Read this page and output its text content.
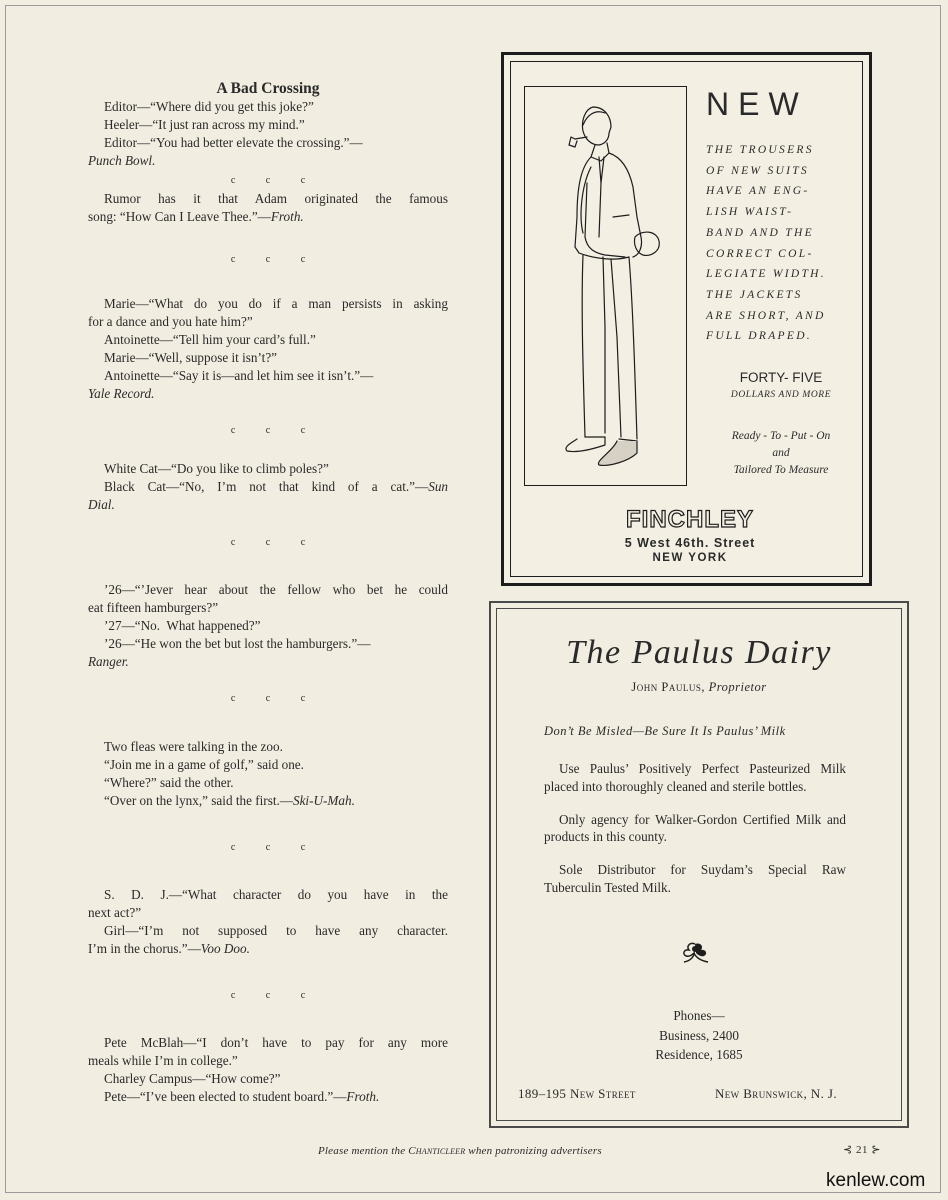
A Bad Crossing

Editor—“Where did you get this joke?”

Heeler—“It just ran across my mind.”

Editor—“You had better elevate the crossing.”—

Punch Bowl.

c c c

Rumor has it that Adam originated the famous

song: “How Can I Leave Thee.”—Froth.

c c c

Marie—“What do you do if a man persists in asking

for a dance and you hate him?”

Antoinette—“Tell him your card’s full.”

Marie—“Well, suppose it isn’t?”

Antoinette—“Say it is—and let him see it isn’t.”—

Yale Record.

c c c

White Cat—“Do you like to climb poles?”

Black Cat—“No, I’m not that kind of a cat.”—Sun

Dial.

c c c

’26—“’Jever hear about the fellow who bet he could

eat fifteen hamburgers?”

’27—“No.  What happened?”

’26—“He won the bet but lost the hamburgers.”—

Ranger.

c c c

Two fleas were talking in the zoo.

“Join me in a game of golf,” said one.

“Where?” said the other.

“Over on the lynx,” said the first.—Ski-U-Mah.

c c c

S. D. J.—“What character do you have in the

next act?”

Girl—“I’m not supposed to have any character.

I’m in the chorus.”—Voo Doo.

c c c

Pete McBlah—“I don’t have to pay for any more

meals while I’m in college.”

Charley Campus—“How come?”

Pete—“I’ve been elected to student board.”—Froth.

NEW
THE TROUSERS
OF NEW SUITS
HAVE AN ENG-
LISH WAIST-
BAND AND THE
CORRECT COL-
LEGIATE WIDTH.
THE JACKETS
ARE SHORT, AND
FULL DRAPED.
FORTY- FIVE
DOLLARS AND MORE
Ready - To - Put - On
and
Tailored To Measure
FINCHLEY
5 West 46th. Street
NEW YORK
The Paulus Dairy
John Paulus, Proprietor
Don’t Be Misled—Be Sure It Is Paulus’ Milk

Use Paulus’ Positively Perfect Pasteurized Milk placed into thoroughly cleaned and sterile bottles.

Only agency for Walker-Gordon Certified Milk and products in this county.

Sole Distributor for Suydam’s Special Raw Tuberculin Tested Milk.

Phones—
Business, 2400
Residence, 1685
189–195 New Street	New Brunswick, N. J.
Please mention the Chanticleer when patronizing advertisers	⊰ 21 ⊱
kenlew.com
